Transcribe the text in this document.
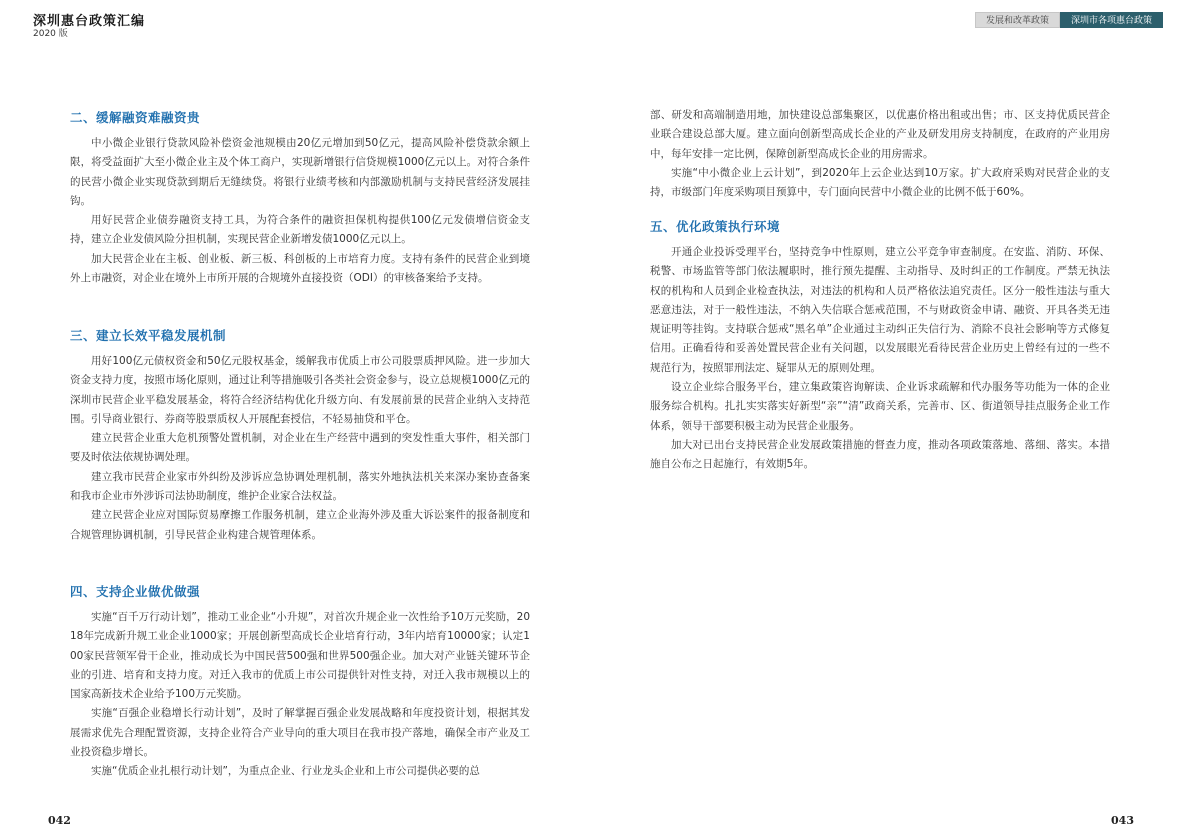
深圳惠台政策汇编
2020 版
发展和改革政策	深圳市各项惠台政策
二、缓解融资难融资贵

中小微企业银行贷款风险补偿资金池规模由20亿元增加到50亿元，提高风险补偿贷款余额上限，将受益面扩大至小微企业主及个体工商户，实现新增银行信贷规模1000亿元以上。对符合条件的民营小微企业实现贷款到期后无缝续贷。将银行业绩考核和内部激励机制与支持民营经济发展挂钩。

用好民营企业债券融资支持工具，为符合条件的融资担保机构提供100亿元发债增信资金支持，建立企业发债风险分担机制，实现民营企业新增发债1000亿元以上。

加大民营企业在主板、创业板、新三板、科创板的上市培育力度。支持有条件的民营企业到境外上市融资，对企业在境外上市所开展的合规境外直接投资（ODI）的审核备案给予支持。

三、建立长效平稳发展机制

用好100亿元债权资金和50亿元股权基金，缓解我市优质上市公司股票质押风险。进一步加大资金支持力度，按照市场化原则，通过让利等措施吸引各类社会资金参与，设立总规模1000亿元的深圳市民营企业平稳发展基金，将符合经济结构优化升级方向、有发展前景的民营企业纳入支持范围。引导商业银行、券商等股票质权人开展配套授信，不轻易抽贷和平仓。

建立民营企业重大危机预警处置机制，对企业在生产经营中遇到的突发性重大事件，相关部门要及时依法依规协调处理。

建立我市民营企业家市外纠纷及涉诉应急协调处理机制，落实外地执法机关来深办案协查备案和我市企业市外涉诉司法协助制度，维护企业家合法权益。

建立民营企业应对国际贸易摩擦工作服务机制，建立企业海外涉及重大诉讼案件的报备制度和合规管理协调机制，引导民营企业构建合规管理体系。

四、支持企业做优做强

实施“百千万行动计划”，推动工业企业“小升规”，对首次升规企业一次性给予10万元奖励，2018年完成新升规工业企业1000家；开展创新型高成长企业培育行动，3年内培育10000家；认定100家民营领军骨干企业，推动成长为中国民营500强和世界500强企业。加大对产业链关键环节企业的引进、培育和支持力度。对迁入我市的优质上市公司提供针对性支持，对迁入我市规模以上的国家高新技术企业给予100万元奖励。

实施“百强企业稳增长行动计划”，及时了解掌握百强企业发展战略和年度投资计划，根据其发展需求优先合理配置资源，支持企业符合产业导向的重大项目在我市投产落地，确保全市产业及工业投资稳步增长。

实施“优质企业扎根行动计划”，为重点企业、行业龙头企业和上市公司提供必要的总

部、研发和高端制造用地，加快建设总部集聚区，以优惠价格出租或出售；市、区支持优质民营企业联合建设总部大厦。建立面向创新型高成长企业的产业及研发用房支持制度，在政府的产业用房中，每年安排一定比例，保障创新型高成长企业的用房需求。

实施“中小微企业上云计划”，到2020年上云企业达到10万家。扩大政府采购对民营企业的支持，市级部门年度采购项目预算中，专门面向民营中小微企业的比例不低于60%。

五、优化政策执行环境

开通企业投诉受理平台，坚持竞争中性原则，建立公平竞争审查制度。在安监、消防、环保、税警、市场监管等部门依法履职时，推行预先提醒、主动指导、及时纠正的工作制度。严禁无执法权的机构和人员到企业检查执法，对违法的机构和人员严格依法追究责任。区分一般性违法与重大恶意违法，对于一般性违法，不纳入失信联合惩戒范围，不与财政资金申请、融资、开具各类无违规证明等挂钩。支持联合惩戒“黑名单”企业通过主动纠正失信行为、消除不良社会影响等方式修复信用。正确看待和妥善处置民营企业有关问题，以发展眼光看待民营企业历史上曾经有过的一些不规范行为，按照罪刑法定、疑罪从无的原则处理。

设立企业综合服务平台，建立集政策咨询解读、企业诉求疏解和代办服务等功能为一体的企业服务综合机构。扎扎实实落实好新型“亲”“清”政商关系，完善市、区、街道领导挂点服务企业工作体系，领导干部要积极主动为民营企业服务。

加大对已出台支持民营企业发展政策措施的督查力度，推动各项政策落地、落细、落实。本措施自公布之日起施行，有效期5年。

042	043
